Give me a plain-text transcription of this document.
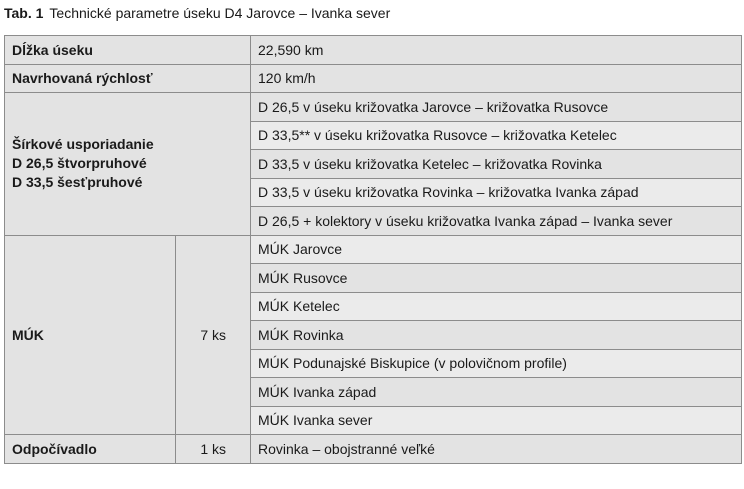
Tab. 1 Technické parametre úseku D4 Jarovce – Ivanka sever
Dĺžka úseku		22,590 km
Navrhovaná rýchlosť		120 km/h

Šírkové usporiadanie
D 26,5 štvorpruhové
D 33,5 šesťpruhové		D 26,5 v úseku križovatka Jarovce – križovatka Rusovce
		D 33,5** v úseku križovatka Rusovce – križovatka Ketelec
		D 33,5 v úseku križovatka Ketelec – križovatka Rovinka
		D 33,5 v úseku križovatka Rovinka – križovatka Ivanka západ
		D 26,5 + kolektory v úseku križovatka Ivanka západ – Ivanka sever
MÚK	7 ks	MÚK Jarovce
		MÚK Rusovce
		MÚK Ketelec
		MÚK Rovinka
		MÚK Podunajské Biskupice (v polovičnom profile)
		MÚK Ivanka západ
		MÚK Ivanka sever
Odpočívadlo	1 ks	Rovinka – obojstranné veľké
